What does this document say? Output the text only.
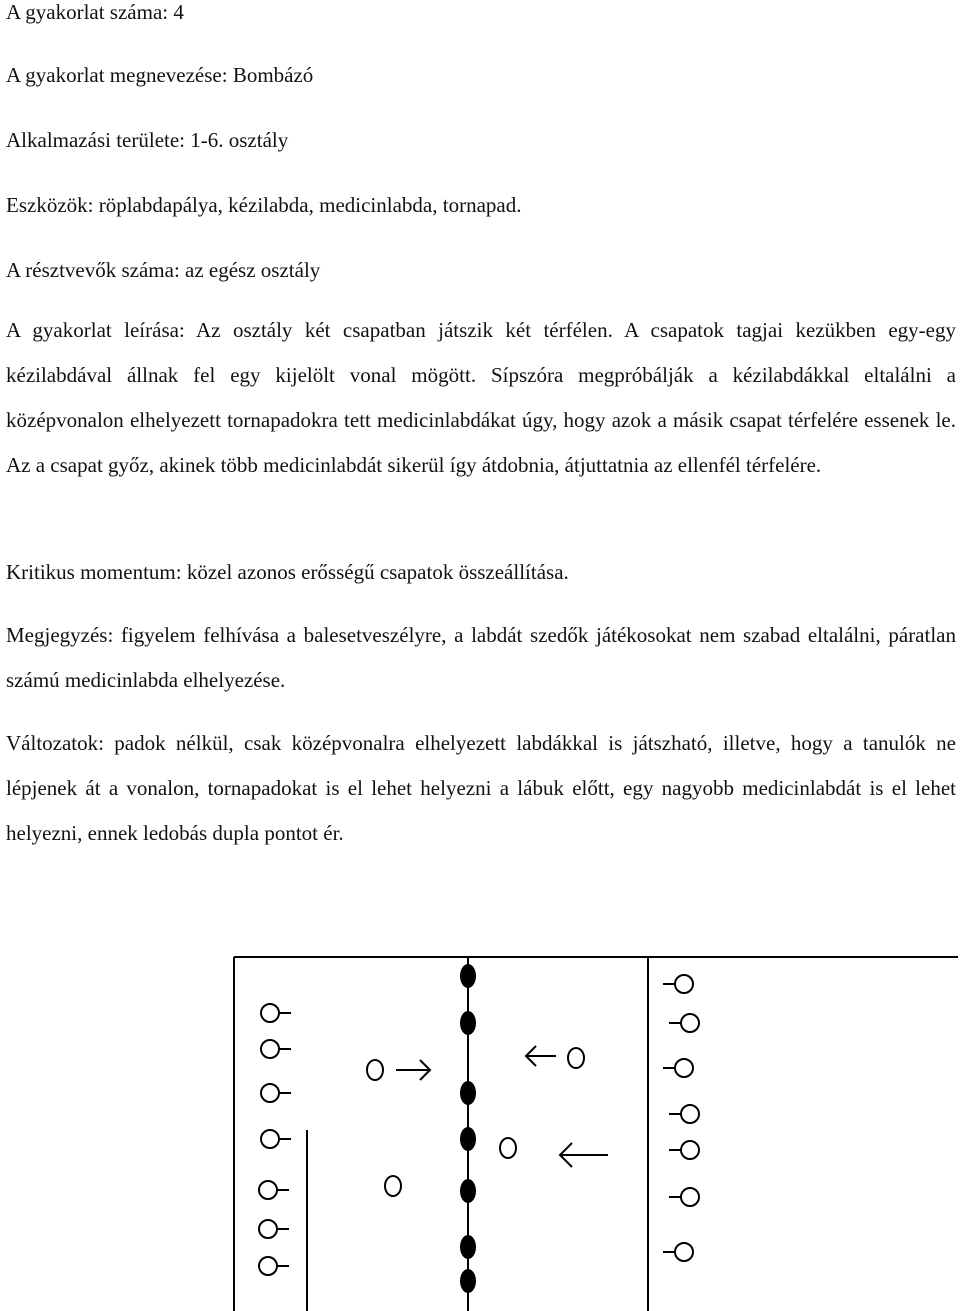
A gyakorlat száma: 4

A gyakorlat megnevezése: Bombázó

Alkalmazási területe: 1-6. osztály

Eszközök: röplabdapálya, kézilabda, medicinlabda, tornapad.

A résztvevők száma: az egész osztály

A gyakorlat leírása: Az osztály két csapatban játszik két térfélen. A csapatok tagjai kezükben egy-egy kézilabdával állnak fel egy kijelölt vonal mögött. Sípszóra megpróbálják a kézilabdákkal eltalálni a középvonalon elhelyezett tornapadokra tett medicinlabdákat úgy, hogy azok a másik csapat térfelére essenek le. Az a csapat győz, akinek több medicinlabdát sikerül így átdobnia, átjuttatnia az ellenfél térfelére.

Kritikus momentum: közel azonos erősségű csapatok összeállítása.

Megjegyzés: figyelem felhívása a balesetveszélyre, a labdát szedők játékosokat nem szabad eltalálni, páratlan számú medicinlabda elhelyezése.

Változatok: padok nélkül, csak középvonalra elhelyezett labdákkal is játszható, illetve, hogy a tanulók ne lépjenek át a vonalon, tornapadokat is el lehet helyezni a lábuk előtt, egy nagyobb medicinlabdát is el lehet helyezni, ennek ledobás dupla pontot ér.
